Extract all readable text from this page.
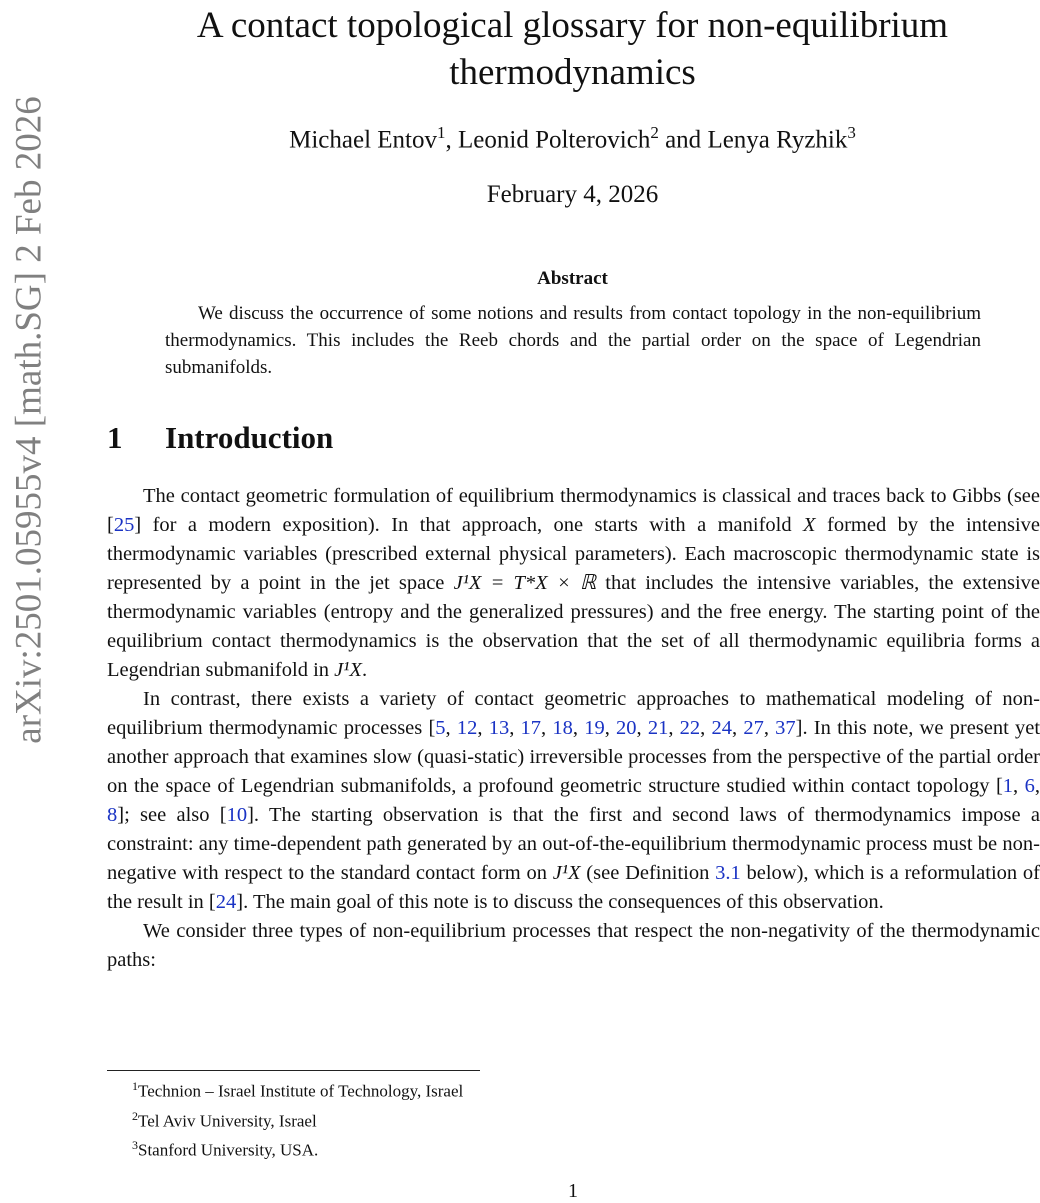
arXiv:2501.05955v4 [math.SG] 2 Feb 2026
A contact topological glossary for non-equilibrium
thermodynamics
Michael Entov$^1$, Leonid Polterovich$^2$ and Lenya Ryzhik$^3$
February 4, 2026
Abstract

We discuss the occurrence of some notions and results from contact topology in the non-equilibrium thermodynamics. This includes the Reeb chords and the partial order on the space of Legendrian submanifolds.

1 Introduction

The contact geometric formulation of equilibrium thermodynamics is classical and traces back to Gibbs (see [25] for a modern exposition). In that approach, one starts with a manifold X formed by the intensive thermodynamic variables (prescribed external physical parameters). Each macroscopic thermodynamic state is represented by a point in the jet space J¹X = T*X × ℝ that includes the intensive variables, the extensive thermodynamic variables (entropy and the generalized pressures) and the free energy. The starting point of the equilibrium contact thermodynamics is the observation that the set of all thermodynamic equilibria forms a Legendrian submanifold in J¹X.

In contrast, there exists a variety of contact geometric approaches to mathematical modeling of non-equilibrium thermodynamic processes [5, 12, 13, 17, 18, 19, 20, 21, 22, 24, 27, 37]. In this note, we present yet another approach that examines slow (quasi-static) irreversible processes from the perspective of the partial order on the space of Legendrian submanifolds, a profound geometric structure studied within contact topology [1, 6, 8]; see also [10]. The starting observation is that the first and second laws of thermodynamics impose a constraint: any time-dependent path generated by an out-of-the-equilibrium thermodynamic process must be non-negative with respect to the standard contact form on J¹X (see Definition 3.1 below), which is a reformulation of the result in [24]. The main goal of this note is to discuss the consequences of this observation.

We consider three types of non-equilibrium processes that respect the non-negativity of the thermodynamic paths:

$^1$Technion – Israel Institute of Technology, Israel
$^2$Tel Aviv University, Israel
$^3$Stanford University, USA.
1
